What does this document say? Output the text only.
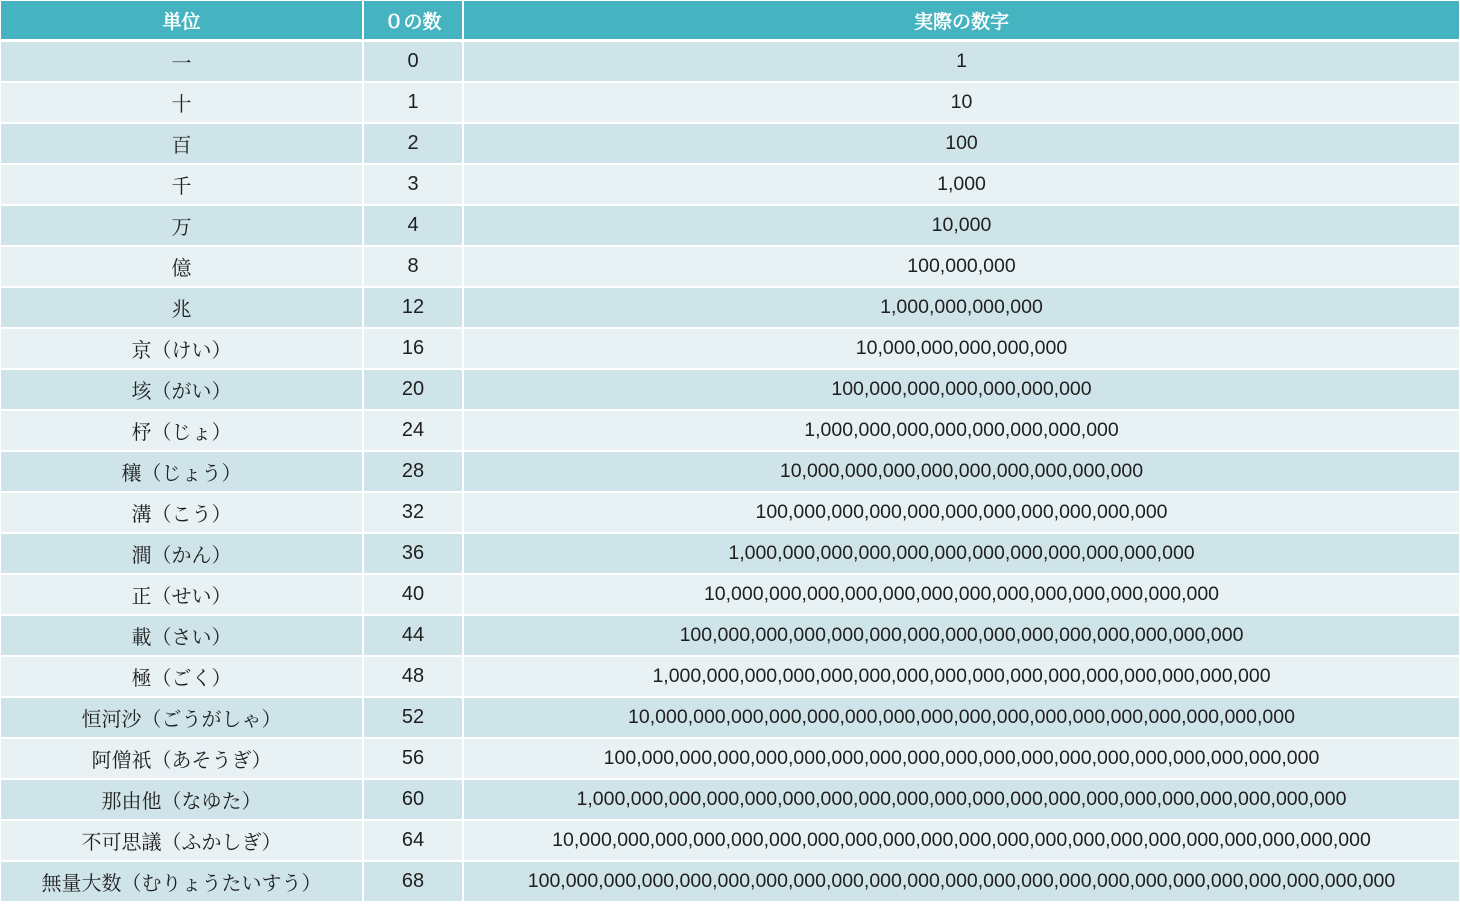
単位	０の数	実際の数字
一	0	1
十	1	10
百	2	100
千	3	1,000
万	4	10,000
億	8	100,000,000
兆	12	1,000,000,000,000
京（けい）	16	10,000,000,000,000,000
垓（がい）	20	100,000,000,000,000,000,000
杼（じょ）	24	1,000,000,000,000,000,000,000,000
穰（じょう）	28	10,000,000,000,000,000,000,000,000,000
溝（こう）	32	100,000,000,000,000,000,000,000,000,000,000
澗（かん）	36	1,000,000,000,000,000,000,000,000,000,000,000,000
正（せい）	40	10,000,000,000,000,000,000,000,000,000,000,000,000,000
載（さい）	44	100,000,000,000,000,000,000,000,000,000,000,000,000,000,000
極（ごく）	48	1,000,000,000,000,000,000,000,000,000,000,000,000,000,000,000,000
恒河沙（ごうがしゃ）	52	10,000,000,000,000,000,000,000,000,000,000,000,000,000,000,000,000,000
阿僧祇（あそうぎ）	56	100,000,000,000,000,000,000,000,000,000,000,000,000,000,000,000,000,000,000
那由他（なゆた）	60	1,000,000,000,000,000,000,000,000,000,000,000,000,000,000,000,000,000,000,000,000
不可思議（ふかしぎ）	64	10,000,000,000,000,000,000,000,000,000,000,000,000,000,000,000,000,000,000,000,000,000
無量大数（むりょうたいすう）	68	100,000,000,000,000,000,000,000,000,000,000,000,000,000,000,000,000,000,000,000,000,000,000
